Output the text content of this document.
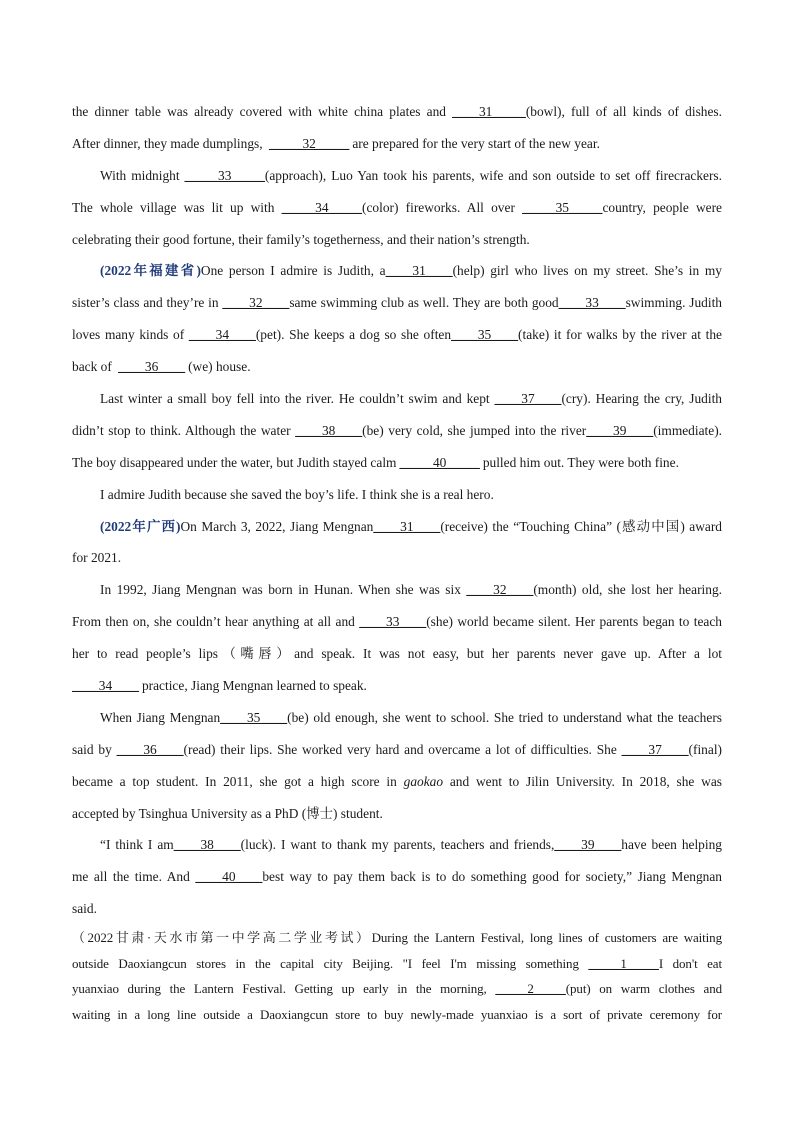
the dinner table was already covered with white china plates and ____31_____(bowl), full of all kinds of dishes.
After dinner, they made dumplings, _____32_____ are prepared for the very start of the new year.
With midnight _____33_____(approach), Luo Yan took his parents, wife and son outside to set off firecrackers.
The whole village was lit up with _____34_____(color) fireworks. All over _____35_____country, people were
celebrating their good fortune, their family’s togetherness, and their nation’s strength.
(2022年福建省)One person I admire is Judith, a____31____(help) girl who lives on my street. She’s in my
sister’s class and they’re in ____32____same swimming club as well. They are both good____33____swimming. Judith
loves many kinds of ____34____(pet). She keeps a dog so she often____35____(take) it for walks by the river at the
back of ____36____ (we) house.
Last winter a small boy fell into the river. He couldn’t swim and kept ____37____(cry). Hearing the cry, Judith
didn’t stop to think. Although the water ____38____(be) very cold, she jumped into the river____39____(immediate).
The boy disappeared under the water, but Judith stayed calm _____40_____ pulled him out. They were both fine.
I admire Judith because she saved the boy’s life. I think she is a real hero.
(2022年广西)On March 3, 2022, Jiang Mengnan____31____(receive) the “Touching China” (感动中国) award
for 2021.
In 1992, Jiang Mengnan was born in Hunan. When she was six ____32____(month) old, she lost her hearing.
From then on, she couldn’t hear anything at all and ____33____(she) world became silent. Her parents began to teach
her to read people’s lips（嘴唇）and speak. It was not easy, but her parents never gave up. After a lot
____34____ practice, Jiang Mengnan learned to speak.
When Jiang Mengnan____35____(be) old enough, she went to school. She tried to understand what the teachers
said by ____36____(read) their lips. She worked very hard and overcame a lot of difficulties. She ____37____(final)
became a top student. In 2011, she got a high score in gaokao and went to Jilin University. In 2018, she was
accepted by Tsinghua University as a PhD (博士) student.
“I think I am____38____(luck). I want to thank my parents, teachers and friends,____39____have been helping
me all the time. And ____40____best way to pay them back is to do something good for society,” Jiang Mengnan
said.
（2022甘肃·天水市第一中学高二学业考试）During the Lantern Festival, long lines of customers are waiting
outside Daoxiangcun stores in the capital city Beijing. "I feel I'm missing something _____1_____I don't eat
yuanxiao during the Lantern Festival. Getting up early in the morning, _____2_____(put) on warm clothes and
waiting in a long line outside a Daoxiangcun store to buy newly-made yuanxiao is a sort of private ceremony for
